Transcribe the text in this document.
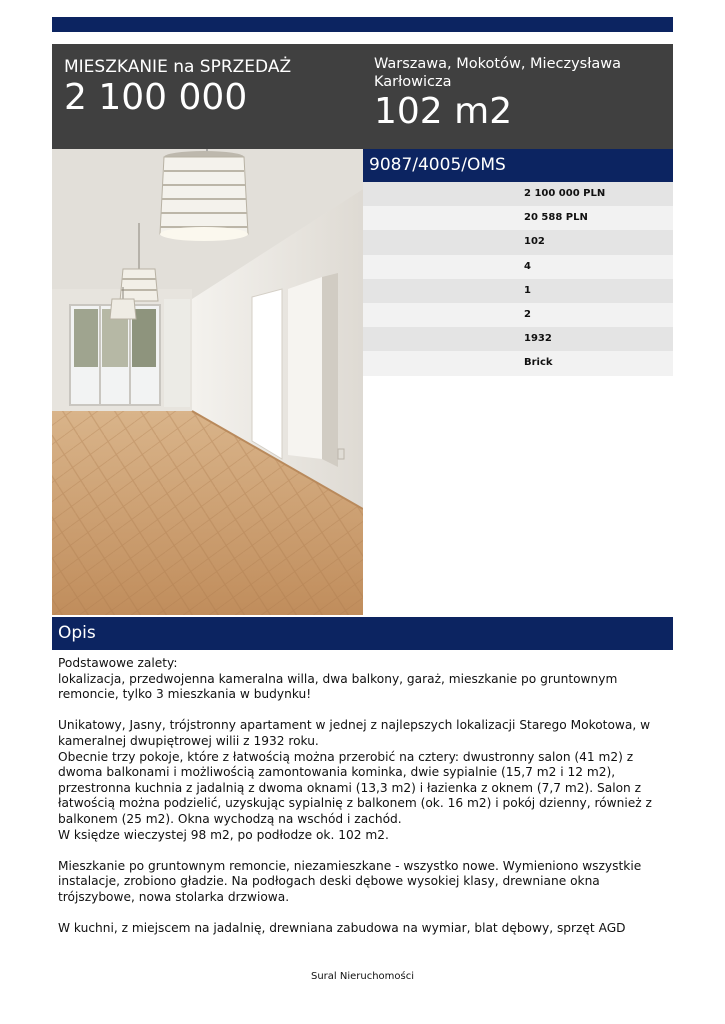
MIESZKANIE na SPRZEDAŻ
2 100 000
Warszawa, Mokotów, Mieczysława Karłowicza
102 m2
9087/4005/OMS
2 100 000 PLN
20 588 PLN
102
4
1
2
1932
Brick
Opis
Podstawowe zalety:
lokalizacja, przedwojenna kameralna willa, dwa balkony, garaż, mieszkanie po gruntownym remoncie, tylko 3 mieszkania w budynku!

Unikatowy, Jasny, trójstronny apartament w jednej z najlepszych lokalizacji Starego Mokotowa, w kameralnej dwupiętrowej wilii z 1932 roku.
Obecnie trzy pokoje, które z łatwością można przerobić na cztery: dwustronny salon (41 m2) z dwoma balkonami i możliwością zamontowania kominka, dwie sypialnie (15,7 m2 i 12 m2), przestronna kuchnia z jadalnią z dwoma oknami (13,3 m2) i łazienka z oknem (7,7 m2). Salon z łatwością można podzielić, uzyskując sypialnię z balkonem (ok. 16 m2) i pokój dzienny, również z balkonem (25 m2). Okna wychodzą na wschód i zachód.
W księdze wieczystej 98 m2, po podłodze ok. 102 m2.

Mieszkanie po gruntownym remoncie, niezamieszkane - wszystko nowe. Wymieniono wszystkie instalacje, zrobiono gładzie. Na podłogach deski dębowe wysokiej klasy, drewniane okna trójszybowe, nowa stolarka drzwiowa.

W kuchni, z miejscem na jadalnię, drewniana zabudowa na wymiar, blat dębowy, sprzęt AGD
Sural Nieruchomości
